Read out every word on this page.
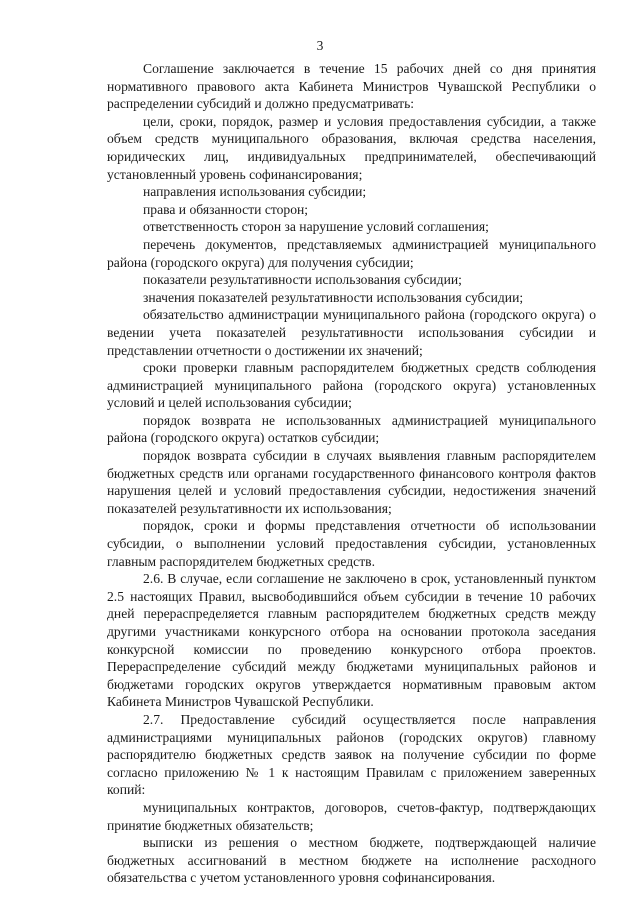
3

Соглашение заключается в течение 15 рабочих дней со дня принятия нормативного правового акта Кабинета Министров Чувашской Республики о распределении субсидий и должно предусматривать:

цели, сроки, порядок, размер и условия предоставления субсидии, а также объем средств муниципального образования, включая средства населения, юридических лиц, индивидуальных предпринимателей, обеспечивающий установленный уровень софинансирования;

направления использования субсидии;

права и обязанности сторон;

ответственность сторон за нарушение условий соглашения;

перечень документов, представляемых администрацией муниципального района (городского округа) для получения субсидии;

показатели результативности использования субсидии;

значения показателей результативности использования субсидии;

обязательство администрации муниципального района (городского округа) о ведении учета показателей результативности использования субсидии и представлении отчетности о достижении их значений;

сроки проверки главным распорядителем бюджетных средств соблюдения администрацией муниципального района (городского округа) установленных условий и целей использования субсидии;

порядок возврата не использованных администрацией муниципального района (городского округа) остатков субсидии;

порядок возврата субсидии в случаях выявления главным распорядителем бюджетных средств или органами государственного финансового контроля фактов нарушения целей и условий предоставления субсидии, недостижения значений показателей результативности их использования;

порядок, сроки и формы представления отчетности об использовании субсидии, о выполнении условий предоставления субсидии, установленных главным распорядителем бюджетных средств.

2.6. В случае, если соглашение не заключено в срок, установленный пунктом 2.5 настоящих Правил, высвободившийся объем субсидии в течение 10 рабочих дней перераспределяется главным распорядителем бюджетных средств между другими участниками конкурсного отбора на основании протокола заседания конкурсной комиссии по проведению конкурсного отбора проектов. Перераспределение субсидий между бюджетами муниципальных районов и бюджетами городских округов утверждается нормативным правовым актом Кабинета Министров Чувашской Республики.

2.7. Предоставление субсидий осуществляется после направления администрациями муниципальных районов (городских округов) главному распорядителю бюджетных средств заявок на получение субсидии по форме согласно приложению № 1 к настоящим Правилам с приложением заверенных копий:

муниципальных контрактов, договоров, счетов-фактур, подтверждающих принятие бюджетных обязательств;

выписки из решения о местном бюджете, подтверждающей наличие бюджетных ассигнований в местном бюджете на исполнение расходного обязательства с учетом установленного уровня софинансирования.
